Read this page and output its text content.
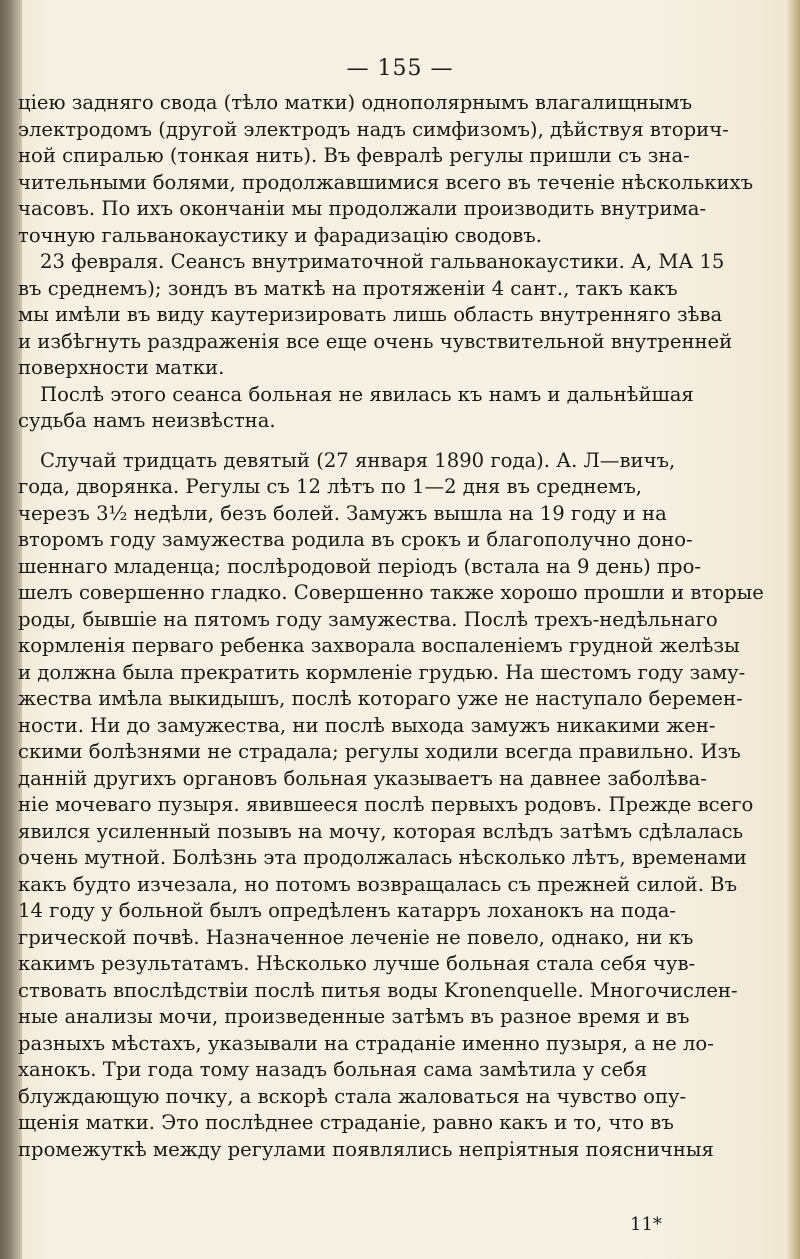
— 155 —
ціею задняго свода (тѣло матки) однополярнымъ влагалищнымъ
электродомъ (другой электродъ надъ симфизомъ), дѣйствуя вторич-
ной спиралью (тонкая нить). Въ февралѣ регулы пришли съ зна-
чительными болями, продолжавшимися всего въ теченіе нѣсколькихъ
часовъ. По ихъ окончаніи мы продолжали производить внутрима-
точную гальванокаустику и фарадизацію сводовъ.
23 февраля. Сеансъ внутриматочной гальванокаустики. А, МА 15
въ среднемъ); зондъ въ маткѣ на протяженіи 4 сант., такъ какъ
мы имѣли въ виду каутеризировать лишь область внутренняго зѣва
и избѣгнуть раздраженія все еще очень чувствительной внутренней
поверхности матки.
Послѣ этого сеанса больная не явилась къ намъ и дальнѣйшая
судьба намъ неизвѣстна.
Случай тридцать девятый (27 января 1890 года). А. Л—вичъ,
года, дворянка. Регулы съ 12 лѣтъ по 1—2 дня въ среднемъ,
черезъ 3½ недѣли, безъ болей. Замужъ вышла на 19 году и на
второмъ году замужества родила въ срокъ и благополучно доно-
шеннаго младенца; послѣродовой періодъ (встала на 9 день) про-
шелъ совершенно гладко. Совершенно также хорошо прошли и вторые
роды, бывшіе на пятомъ году замужества. Послѣ трехъ-недѣльнаго
кормленія перваго ребенка захворала воспаленіемъ грудной желѣзы
и должна была прекратить кормленіе грудью. На шестомъ году заму-
жества имѣла выкидышъ, послѣ котораго уже не наступало беремен-
ности. Ни до замужества, ни послѣ выхода замужъ никакими жен-
скими болѣзнями не страдала; регулы ходили всегда правильно. Изъ
данній другихъ органовъ больная указываетъ на давнее заболѣва-
ніе мочеваго пузыря. явившееся послѣ первыхъ родовъ. Прежде всего
явился усиленный позывъ на мочу, которая вслѣдъ затѣмъ сдѣлалась
очень мутной. Болѣзнь эта продолжалась нѣсколько лѣтъ, временами
какъ будто изчезала, но потомъ возвращалась съ прежней силой. Въ
14 году у больной былъ опредѣленъ катарръ лоханокъ на пода-
грической почвѣ. Назначенное леченіе не повело, однако, ни къ
какимъ результатамъ. Нѣсколько лучше больная стала себя чув-
ствовать впослѣдствіи послѣ питья воды Kronenquelle. Многочислен-
ные анализы мочи, произведенные затѣмъ въ разное время и въ
разныхъ мѣстахъ, указывали на страданіе именно пузыря, а не ло-
ханокъ. Три года тому назадъ больная сама замѣтила у себя
блуждающую почку, а вскорѣ стала жаловаться на чувство опу-
щенія матки. Это послѣднее страданіе, равно какъ и то, что въ
промежуткѣ между регулами появлялись непріятныя поясничныя
11*
